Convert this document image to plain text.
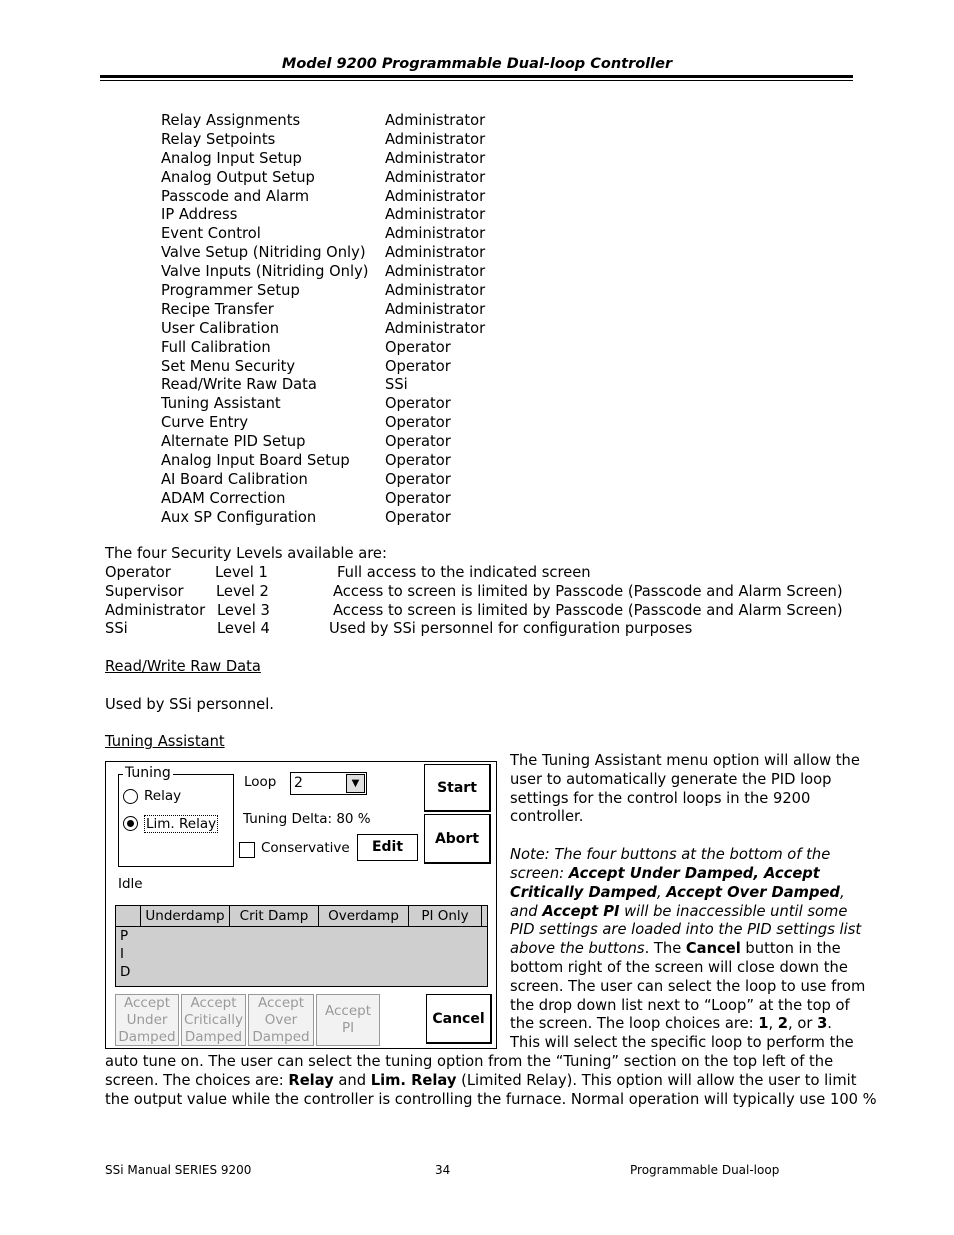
Model 9200 Programmable Dual-loop Controller
Relay Assignments	Administrator
Relay Setpoints	Administrator
Analog Input Setup	Administrator
Analog Output Setup	Administrator
Passcode and Alarm	Administrator
IP Address	Administrator
Event Control	Administrator
Valve Setup (Nitriding Only) Administrator
Valve Inputs (Nitriding Only) Administrator
Programmer Setup	Administrator
Recipe Transfer	Administrator
User Calibration	Administrator
Full Calibration	Operator
Set Menu Security	Operator
Read/Write Raw Data	SSi
Tuning Assistant	Operator
Curve Entry	Operator
Alternate PID Setup	Operator
Analog Input Board Setup Operator
AI Board Calibration	Operator
ADAM Correction	Operator
Aux SP Configuration	Operator
The four Security Levels available are:
Operator	Level 1	Full access to the indicated screen
Supervisor Level 2	Access to screen is limited by Passcode (Passcode and Alarm Screen)
Administrator Level 3	Access to screen is limited by Passcode (Passcode and Alarm Screen)
SSi	Level 4	Used by SSi personnel for configuration purposes
Read/Write Raw Data
Used by SSi personnel.
Tuning Assistant
Tuning
Relay
Lim. Relay
Loop 2	▼
Tuning Delta: 80 %
Conservative	Edit
Start
Abort
Idle
Underdamp	Crit Damp	Overdamp	PI Only
P
I
D
Accept
Under
Damped
Accept
Critically
Damped
Accept
Over
Damped
Accept
PI
Cancel
The Tuning Assistant menu option will allow the
user to automatically generate the PID loop
settings for the control loops in the 9200
controller.
Note: The four buttons at the bottom of the
screen: Accept Under Damped, Accept
Critically Damped, Accept Over Damped,
and Accept PI will be inaccessible until some
PID settings are loaded into the PID settings list
above the buttons. The Cancel button in the
bottom right of the screen will close down the
screen. The user can select the loop to use from
the drop down list next to “Loop” at the top of
the screen. The loop choices are: 1, 2, or 3.
This will select the specific loop to perform the
auto tune on. The user can select the tuning option from the “Tuning” section on the top left of the
screen. The choices are: Relay and Lim. Relay (Limited Relay). This option will allow the user to limit
the output value while the controller is controlling the furnace. Normal operation will typically use 100 %
SSi Manual SERIES 9200	34	Programmable Dual-loop
